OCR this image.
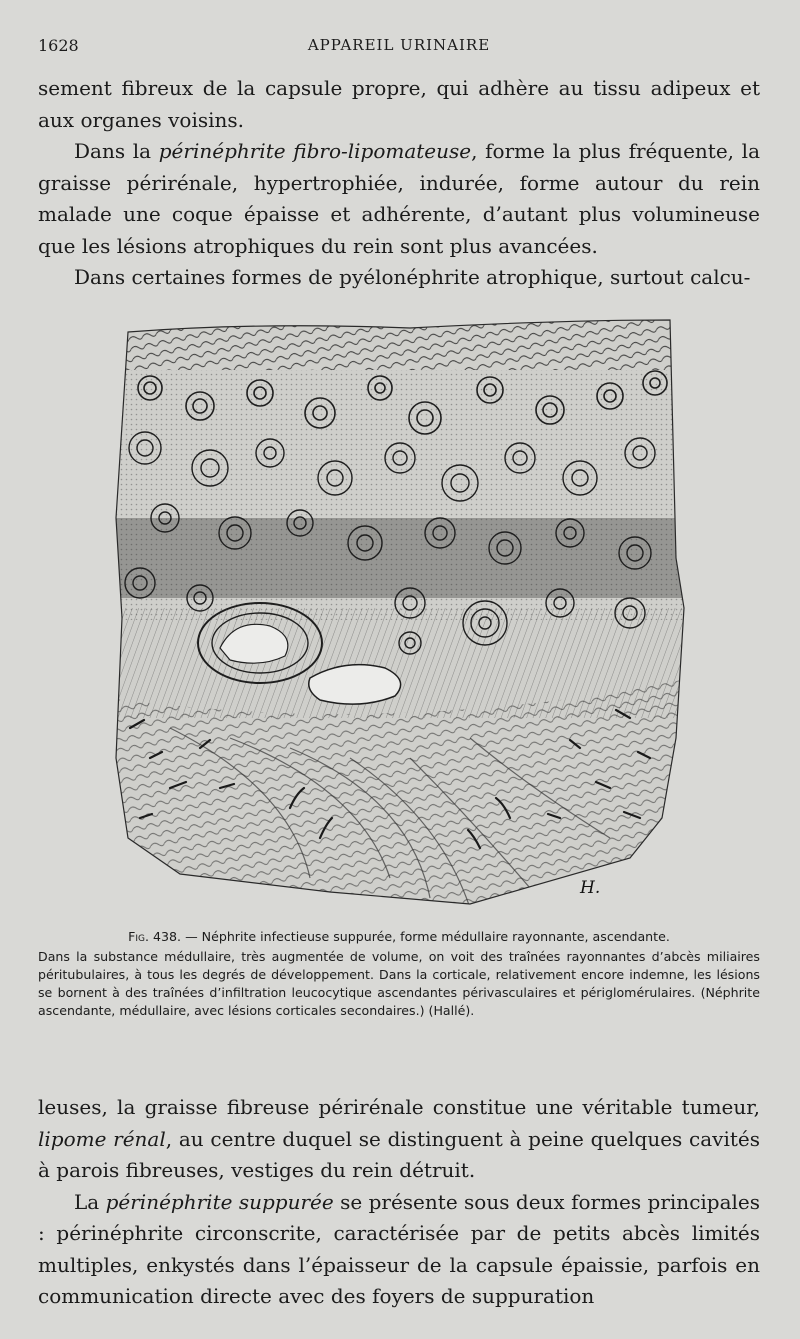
1628	APPAREIL URINAIRE

sement fibreux de la capsule propre, qui adhère au tissu adipeux et aux organes voisins.

Dans la périnéphrite fibro-lipomateuse, forme la plus fréquente, la graisse périrénale, hypertrophiée, indurée, forme autour du rein malade une coque épaisse et adhérente, d’autant plus volumineuse que les lésions atrophiques du rein sont plus avancées.

Dans certaines formes de pyélonéphrite atrophique, surtout calcu-

H.

Fig. 438. — Néphrite infectieuse suppurée, forme médullaire rayonnante, ascendante.

Dans la substance médullaire, très augmentée de volume, on voit des traînées rayonnantes d’abcès miliaires péritubulaires, à tous les degrés de développement. Dans la corticale, relativement encore indemne, les lésions se bornent à des traînées d’infiltration leucocytique ascendantes périvasculaires et périglomérulaires. (Néphrite ascendante, médullaire, avec lésions corticales secondaires.) (Hallé).

leuses, la graisse fibreuse périrénale constitue une véritable tumeur, lipome rénal, au centre duquel se distinguent à peine quelques cavités à parois fibreuses, vestiges du rein détruit.

La périnéphrite suppurée se présente sous deux formes principales : périnéphrite circonscrite, caractérisée par de petits abcès limités multiples, enkystés dans l’épaisseur de la capsule épaissie, parfois en communication directe avec des foyers de suppuration
